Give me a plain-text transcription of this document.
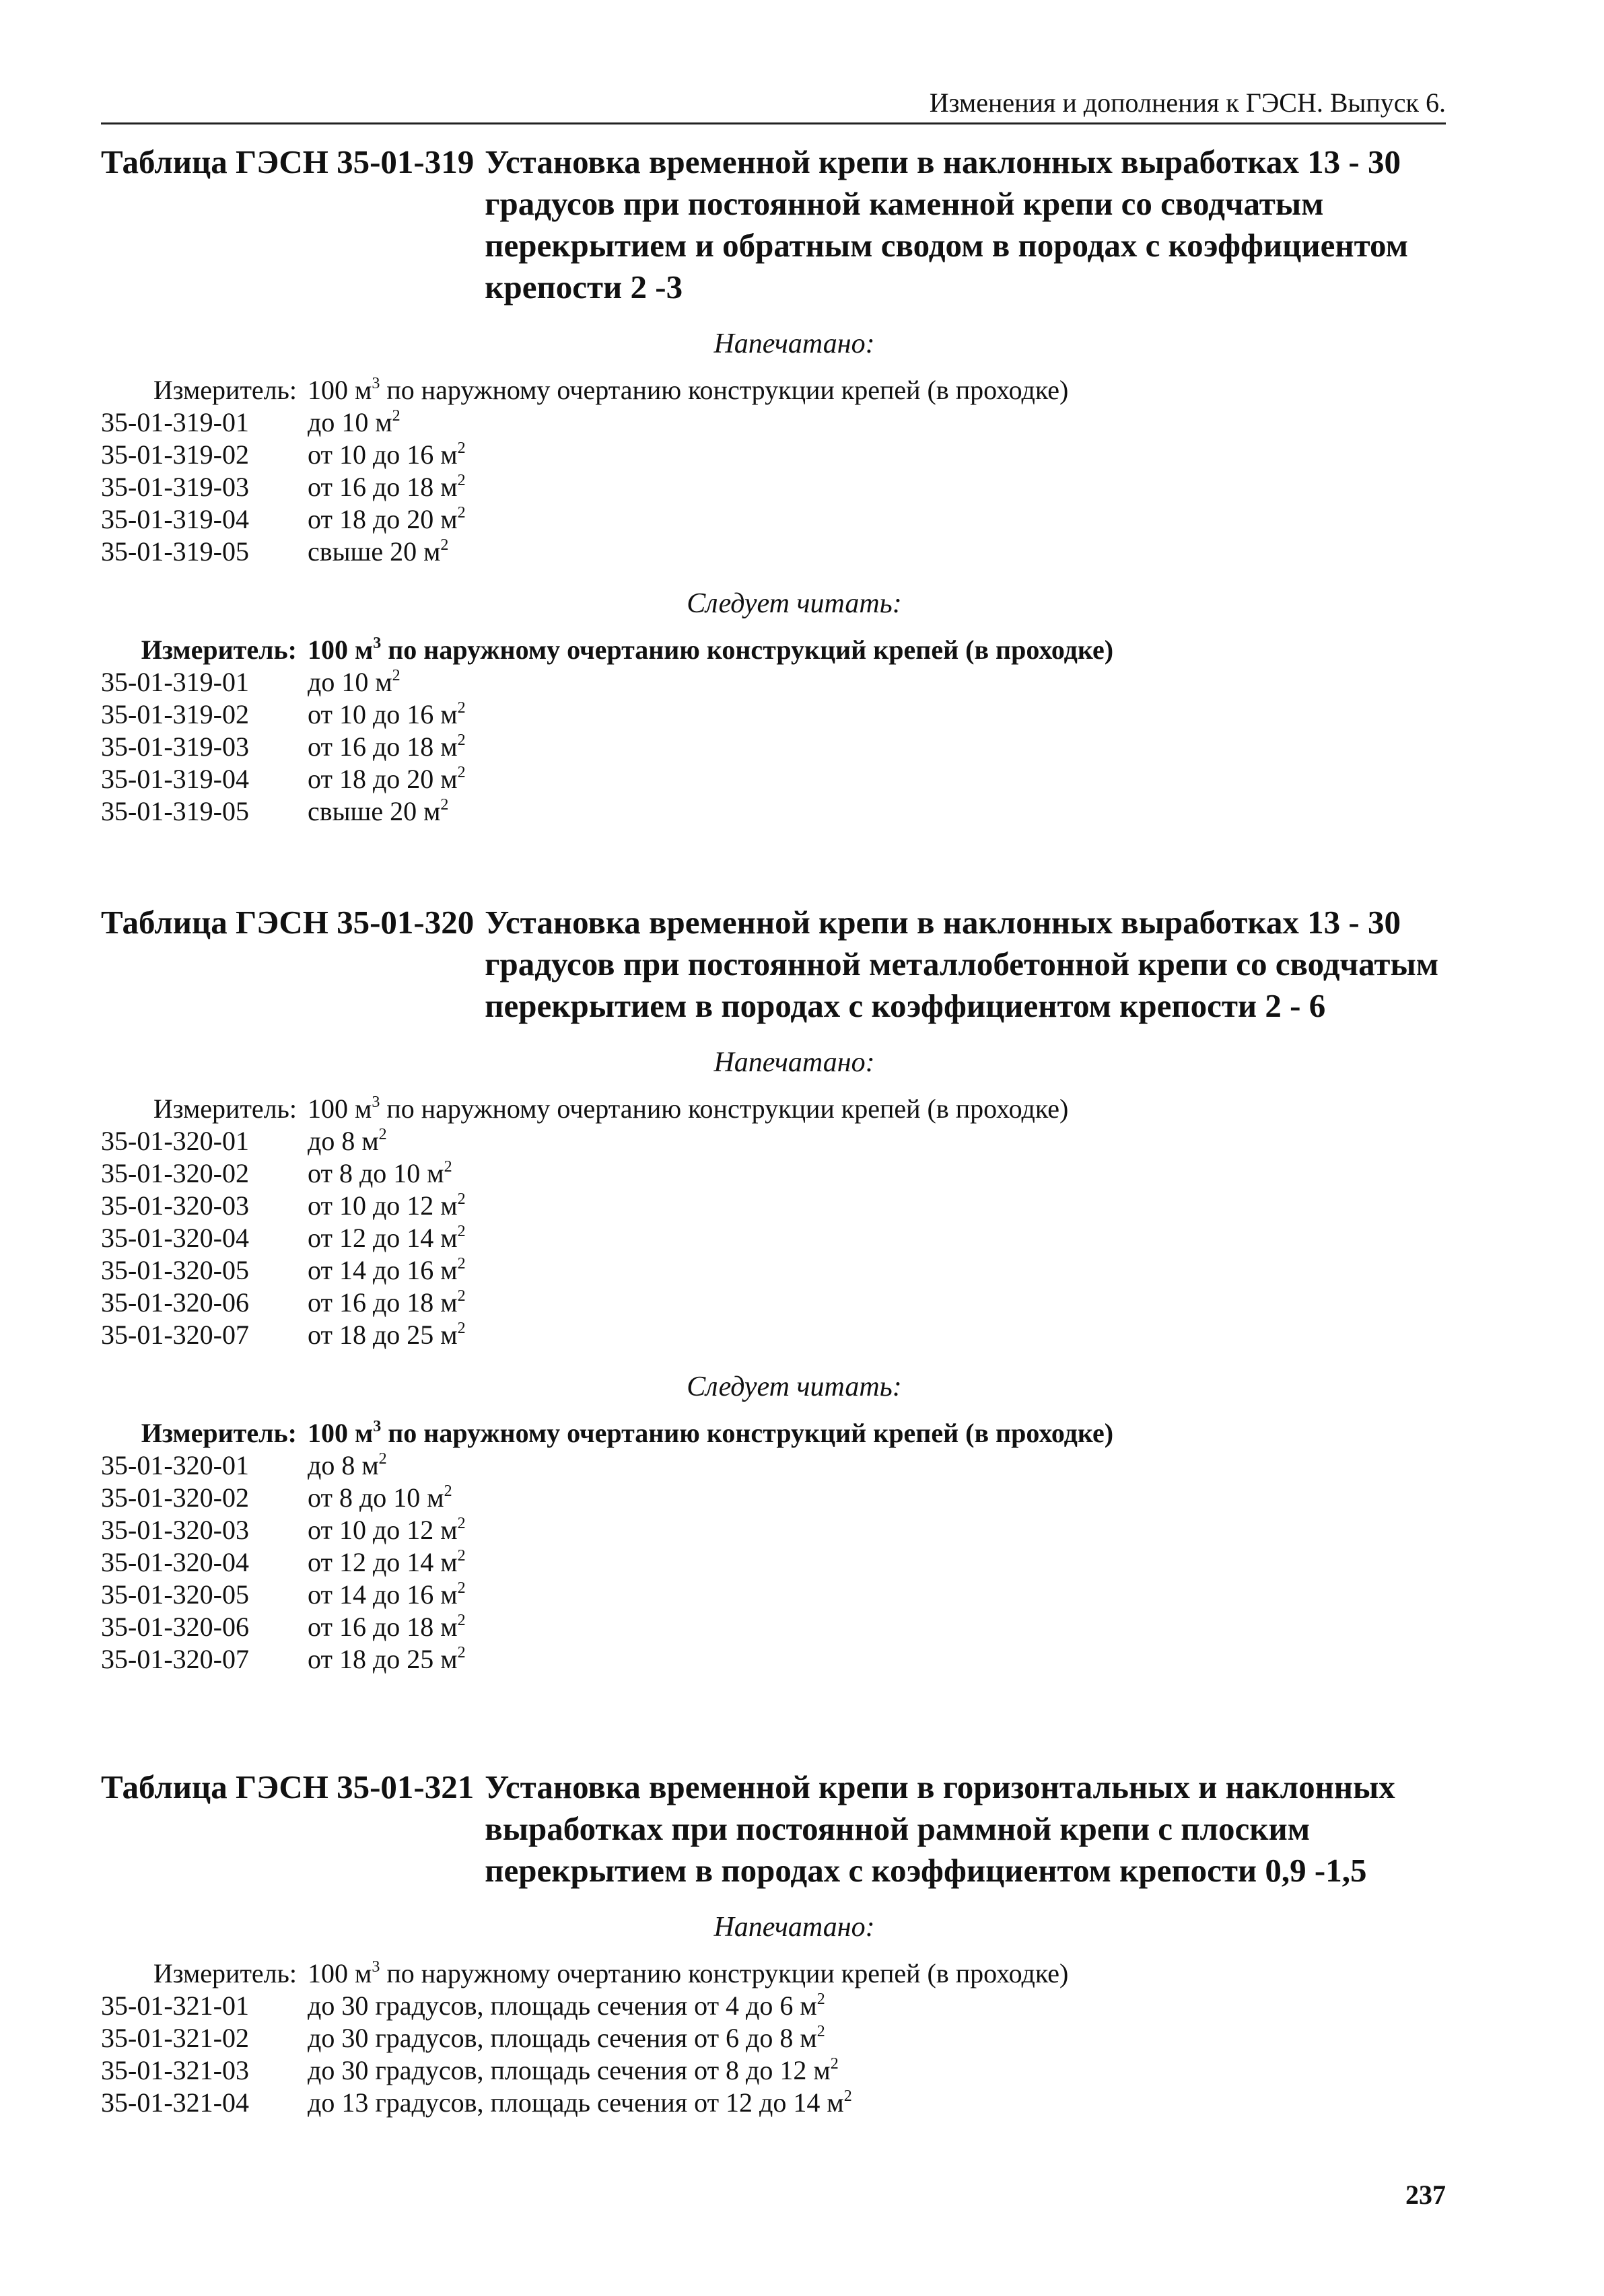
Изменения и дополнения к ГЭСН. Выпуск 6.
Таблица ГЭСН 35-01-319 Установка временной крепи в наклонных выработках 13 - 30 градусов при постоянной каменной крепи со сводчатым перекрытием и обратным сводом в породах с коэффициентом крепости 2 -3
Напечатано:
Измеритель: 100 $м^3$ по наружному очертанию конструкции крепей (в проходке)
35-01-319-01	до 10 $м^2$
35-01-319-02	от 10 до 16 $м^2$
35-01-319-03	от 16 до 18 $м^2$
35-01-319-04	от 18 до 20 $м^2$
35-01-319-05	свыше 20 $м^2$
Следует читать:
Измеритель: 100 $м^3$ по наружному очертанию конструкций крепей (в проходке)
35-01-319-01	до 10 $м^2$
35-01-319-02	от 10 до 16 $м^2$
35-01-319-03	от 16 до 18 $м^2$
35-01-319-04	от 18 до 20 $м^2$
35-01-319-05	свыше 20 $м^2$
Таблица ГЭСН 35-01-320 Установка временной крепи в наклонных выработках 13 - 30 градусов при постоянной металлобетонной крепи со сводчатым перекрытием в породах с коэффициентом крепости 2 - 6
Напечатано:
Измеритель: 100 $м^3$ по наружному очертанию конструкции крепей (в проходке)
35-01-320-01	до 8 $м^2$
35-01-320-02	от 8 до 10 $м^2$
35-01-320-03	от 10 до 12 $м^2$
35-01-320-04	от 12 до 14 $м^2$
35-01-320-05	от 14 до 16 $м^2$
35-01-320-06	от 16 до 18 $м^2$
35-01-320-07	от 18 до 25 $м^2$
Следует читать:
Измеритель: 100 $м^3$ по наружному очертанию конструкций крепей (в проходке)
35-01-320-01	до 8 $м^2$
35-01-320-02	от 8 до 10 $м^2$
35-01-320-03	от 10 до 12 $м^2$
35-01-320-04	от 12 до 14 $м^2$
35-01-320-05	от 14 до 16 $м^2$
35-01-320-06	от 16 до 18 $м^2$
35-01-320-07	от 18 до 25 $м^2$
Таблица ГЭСН 35-01-321 Установка временной крепи в горизонтальных и наклонных выработках при постоянной раммной крепи с плоским перекрытием в породах с коэффициентом крепости 0,9 -1,5
Напечатано:
Измеритель: 100 $м^3$ по наружному очертанию конструкции крепей (в проходке)
35-01-321-01	до 30 градусов, площадь сечения от 4 до 6 $м^2$
35-01-321-02	до 30 градусов, площадь сечения от 6 до 8 $м^2$
35-01-321-03	до 30 градусов, площадь сечения от 8 до 12 $м^2$
35-01-321-04	до 13 градусов, площадь сечения от 12 до 14 $м^2$
237
